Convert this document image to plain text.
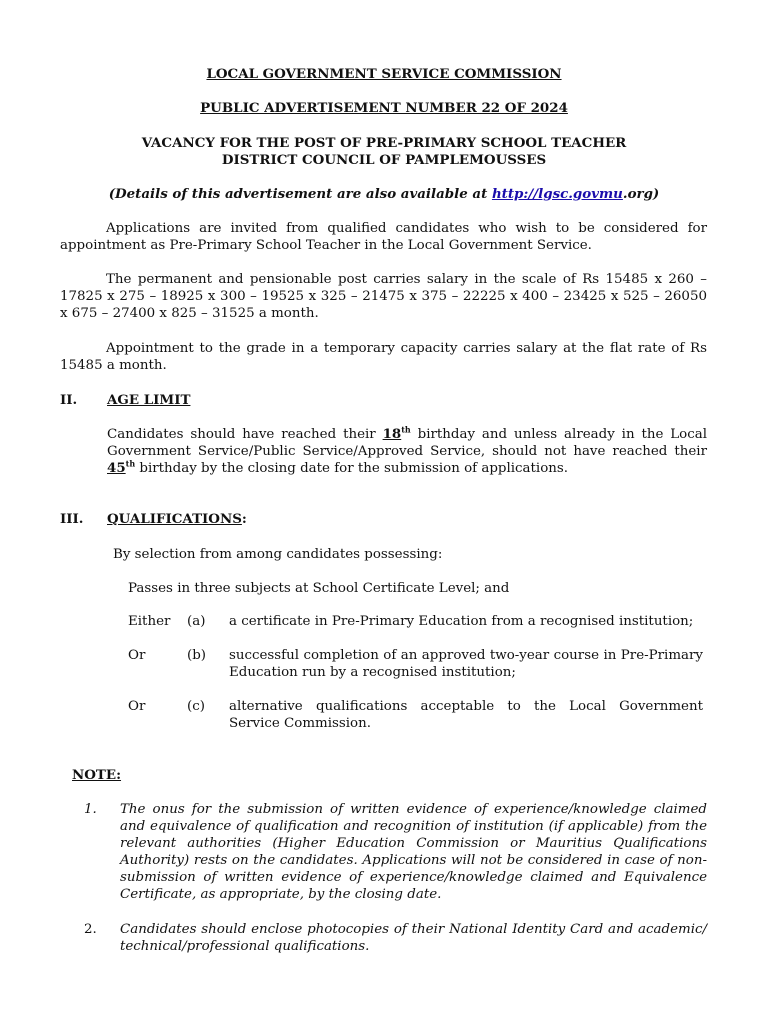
LOCAL GOVERNMENT SERVICE COMMISSION
PUBLIC ADVERTISEMENT NUMBER 22 OF 2024
VACANCY FOR THE POST OF PRE-PRIMARY SCHOOL TEACHER
DISTRICT COUNCIL OF PAMPLEMOUSSES
(Details of this advertisement are also available at http://lgsc.govmu.org)
Applications are invited from qualified candidates who wish to be considered for appointment as Pre-Primary School Teacher in the Local Government Service.
The permanent and pensionable post carries salary in the scale of Rs 15485 x 260 – 17825 x 275 – 18925 x 300 – 19525 x 325 – 21475 x 375 – 22225 x 400 – 23425 x 525 – 26050 x 675 – 27400 x 825 – 31525 a month.
Appointment to the grade in a temporary capacity carries salary at the flat rate of Rs 15485 a month.
II. AGE LIMIT
Candidates should have reached their 18th birthday and unless already in the Local Government Service/Public Service/Approved Service, should not have reached their 45th birthday by the closing date for the submission of applications.
III. QUALIFICATIONS:
By selection from among candidates possessing:
Passes in three subjects at School Certificate Level; and
Either (a) a certificate in Pre-Primary Education from a recognised institution;
Or	(b) successful completion of an approved two-year course in Pre-Primary Education run by a recognised institution;
Or	(c) alternative qualifications acceptable to the Local Government Service Commission.
NOTE:
1. The onus for the submission of written evidence of experience/knowledge claimed and equivalence of qualification and recognition of institution (if applicable) from the relevant authorities (Higher Education Commission or Mauritius Qualifications Authority) rests on the candidates. Applications will not be considered in case of non-submission of written evidence of experience/knowledge claimed and Equivalence Certificate, as appropriate, by the closing date.
2. Candidates should enclose photocopies of their National Identity Card and academic/ technical/professional qualifications.
